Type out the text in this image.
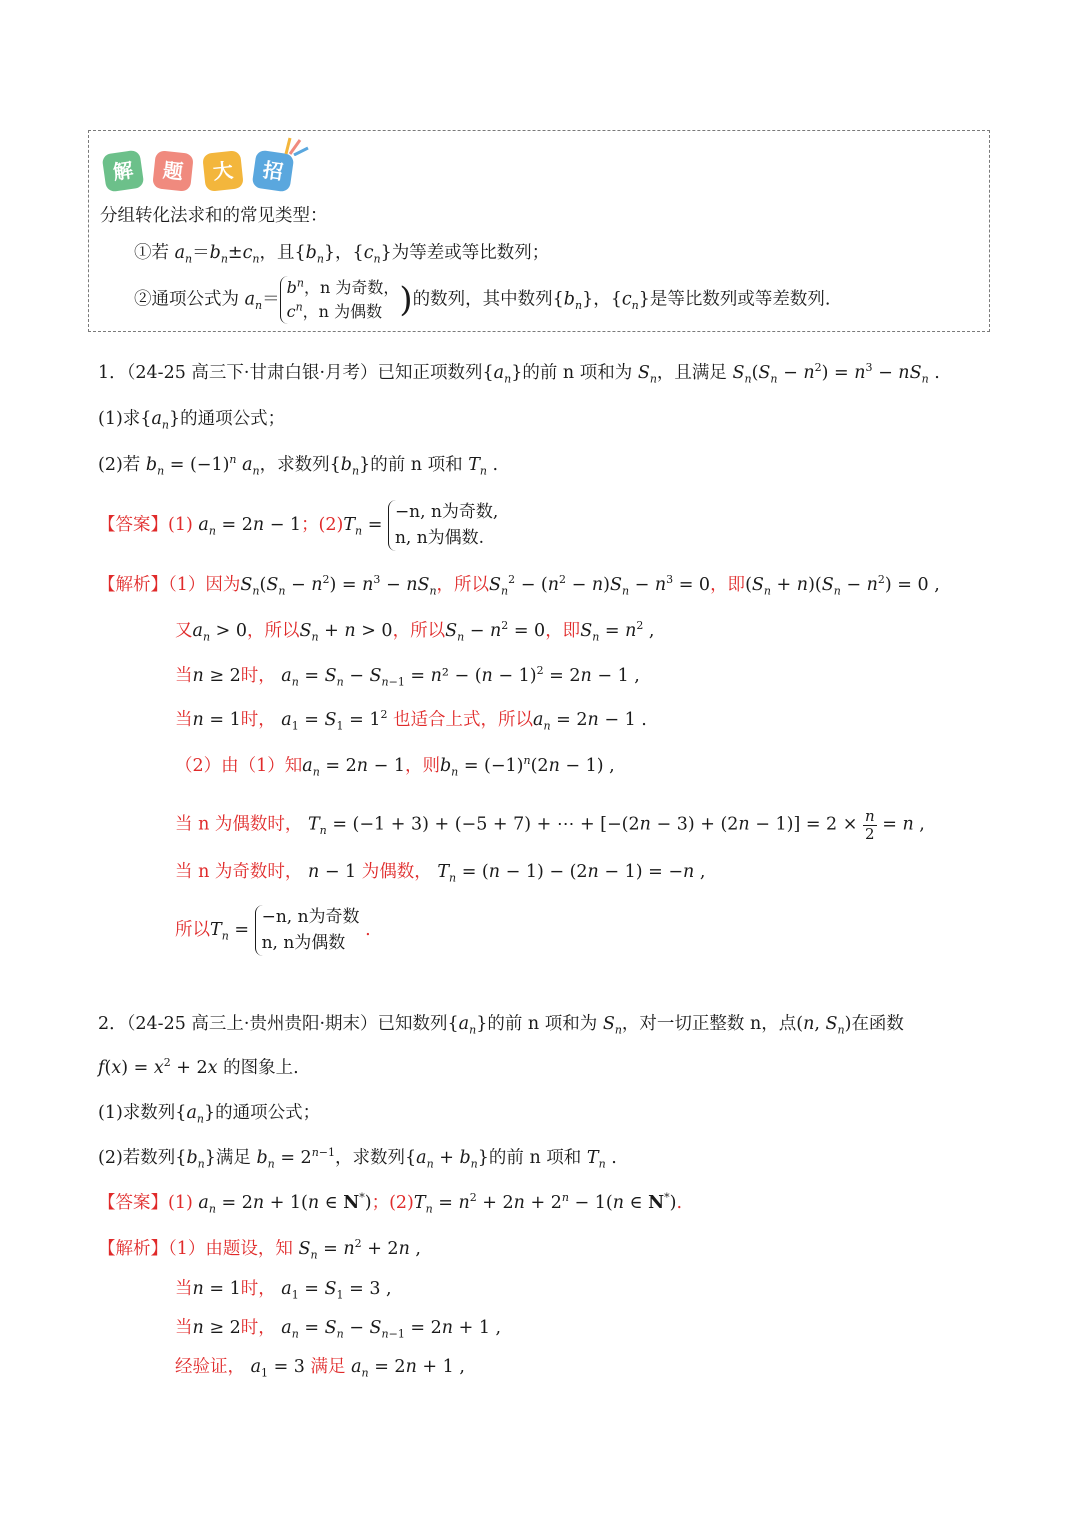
解	题	大	招
分组转化法求和的常见类型：
①若 $a_n=b_n\pm c_n$，且$\{b_n\}$，$\{c_n\}$为等差或等比数列；
②通项公式为 $a_n=$
$b^n$，n 为奇数，
$c^n$，n 为偶数 )的数列，其中数列$\{b_n\}$，$\{c_n\}$是等比数列或等差数列.
1．（24-25 高三下·甘肃白银·月考）已知正项数列$\{a_n\}$的前 n 项和为 $S_n$，且满足 $S_n(S_n - n^2) = n^3 - nS_n$ .
(1)求$\{a_n\}$的通项公式；
(2)若 $b_n = (-1)^n$ $a_n$，求数列$\{b_n\}$的前 n 项和 $T_n$ .
【答案】(1) $a_n = 2n - 1$；$(2)T_n$ =
−n, n为奇数,
n, n为偶数.
【解析】（1）因为$S_n(S_n - n^2) = n^3 - nS_n$，所以$S_n^2 - (n^2 - n)S_n - n^3 = 0$，即$(S_n + n)(S_n - n^2) = 0$ ,
又$a_n > 0$，所以$S_n + n > 0$，所以$S_n - n^2 = 0$，即$S_n = n^2$ ,
当n ≥ 2时， $a_n = S_n - S_{n-1} = n^2 - (n - 1)^2 = 2n - 1$ ,
当n = 1时， $a_1 = S_1 = 1^2$ 也适合上式，所以$a_n = 2n - 1$ .
（2）由（1）知$a_n = 2n - 1$，则$b_n = (-1)^n(2n - 1)$ ,
当 n 为偶数时， $T_n = (-1 + 3) + (-5 + 7)$ + ⋯ + $[-(2n - 3) + (2n - 1)] = 2 \times \frac{n}{2} = n$ ,
当 n 为奇数时， n − 1 为偶数， $T_n = (n - 1) - (2n - 1) = -n$ ,
所以$T_n$ =
−n, n为奇数
n, n为偶数
.
2．（24-25 高三上·贵州贵阳·期末）已知数列$\{a_n\}$的前 n 项和为 $S_n$，对一切正整数 n，点(n, $S_n$)在函数
$f(x) = x^2 + 2x$ 的图象上.
(1)求数列$\{a_n\}$的通项公式；
(2)若数列$\{b_n\}$满足 $b_n = 2^{n-1}$，求数列$\{a_n + b_n\}$的前 n 项和 $T_n$ .
【答案】(1) $a_n = 2n + 1(n$ ∈ N*)；$(2)T_n = n^2 + 2n + 2^n - 1(n$ ∈ N*).
【解析】（1）由题设，知 $S_n = n^2 + 2n$ ,
当n = 1时， $a_1 = S_1 = 3$ ,
当n ≥ 2时， $a_n = S_n - S_{n-1} = 2n + 1$ ,
经验证， $a_1 = 3$ 满足 $a_n = 2n + 1$ ,
